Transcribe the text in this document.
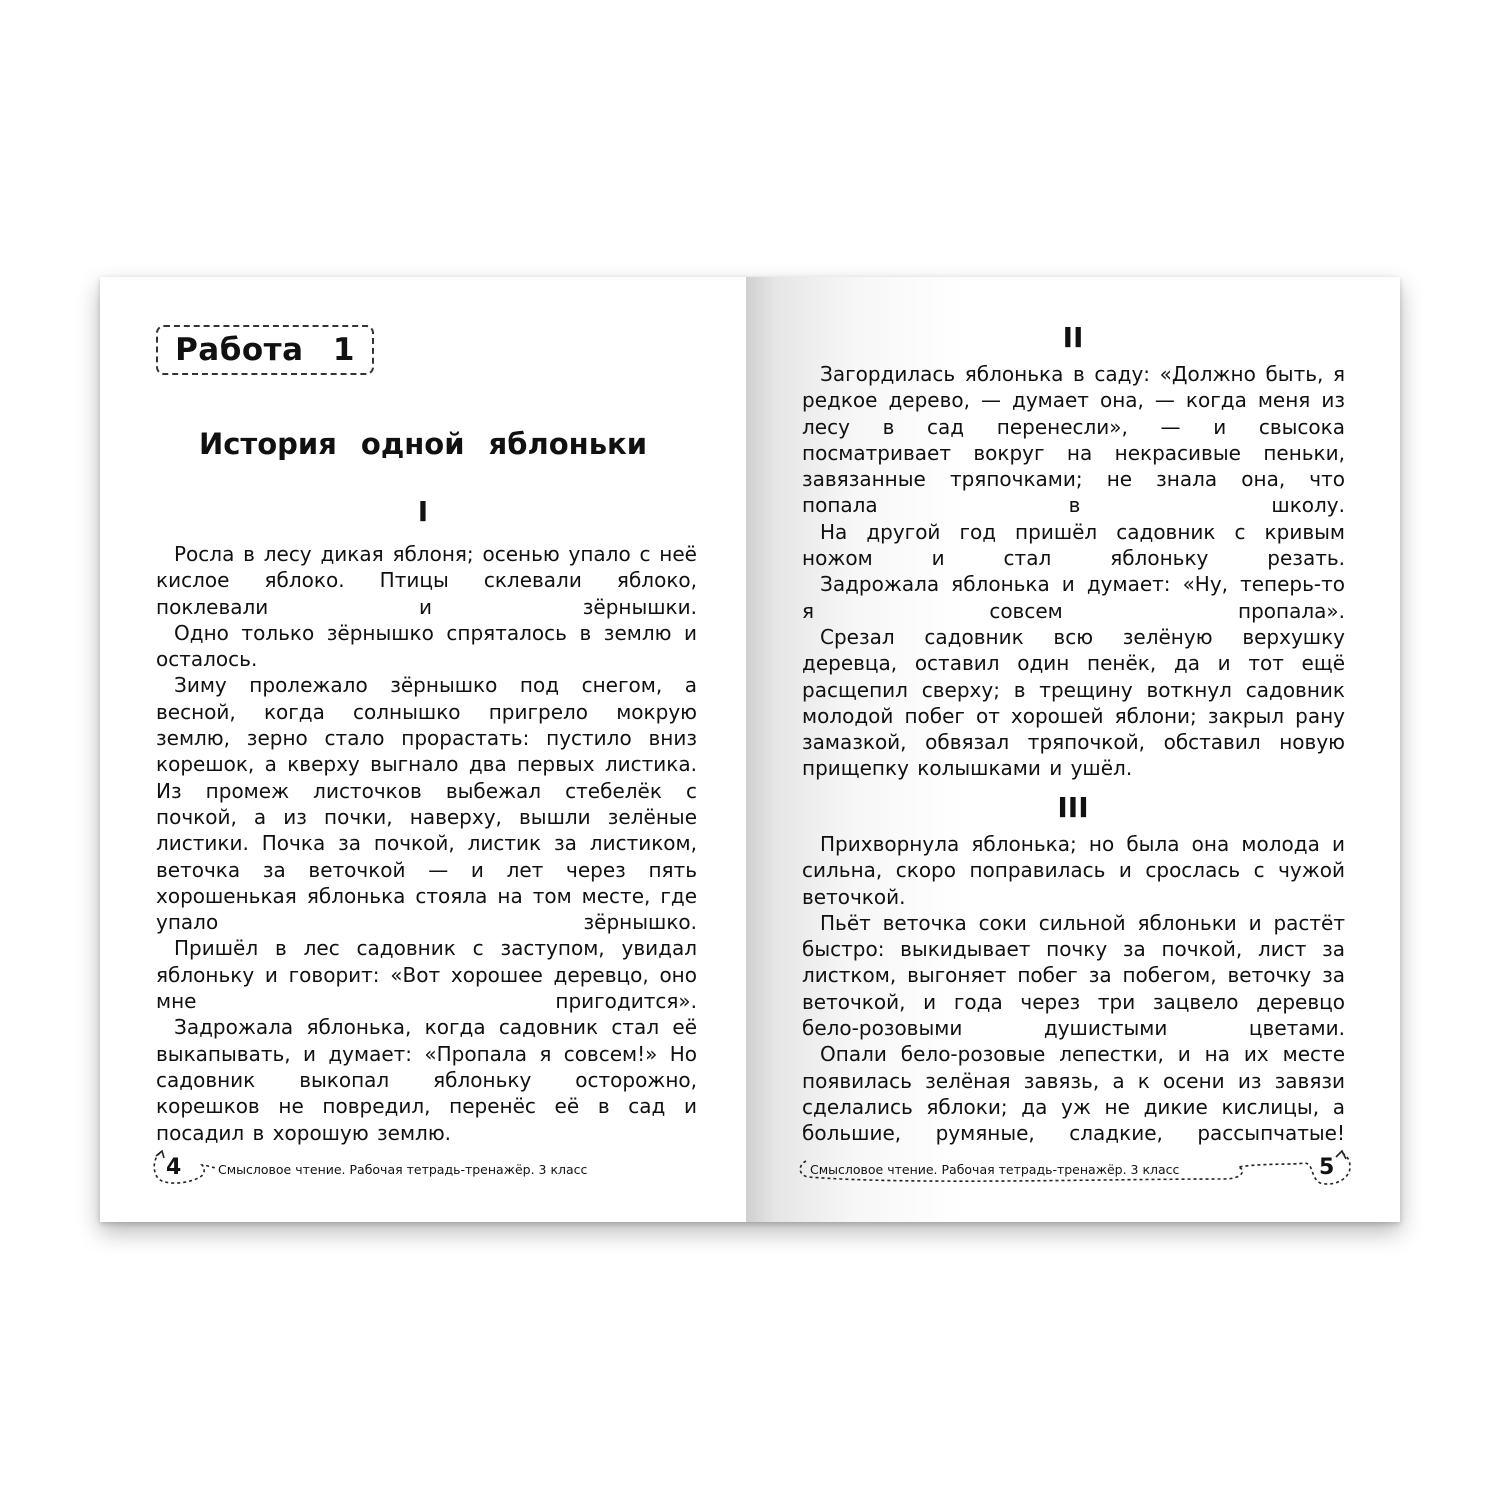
Работа 1
История одной яблоньки
I

Росла в лесу дикая яблоня; осенью упало с неё кислое яблоко. Птицы склевали яблоко, поклевали и зёрнышки.

Одно только зёрнышко спряталось в землю и осталось.

Зиму пролежало зёрнышко под снегом, а весной, когда солнышко пригрело мокрую землю, зерно стало прорастать: пустило вниз корешок, а кверху выгнало два первых листика. Из промеж листочков выбежал стебелёк с почкой, а из почки, наверху, вышли зелёные листики. Почка за почкой, листик за листиком, веточка за веточкой — и лет через пять хорошенькая яблонька стояла на том месте, где упало зёрнышко.

Пришёл в лес садовник с заступом, увидал яблоньку и говорит: «Вот хорошее деревцо, оно мне пригодится».

Задрожала яблонька, когда садовник стал её выкапывать, и думает: «Пропала я совсем!» Но садовник выкопал яблоньку осторожно, корешков не повредил, перенёс её в сад и посадил в хорошую землю.

4	Смысловое чтение. Рабочая тетрадь-тренажёр. 3 класс
II

Загордилась яблонька в саду: «Должно быть, я редкое дерево, — думает она, — когда меня из лесу в сад перенесли», — и свысока посматривает вокруг на некрасивые пеньки, завязанные тряпочками; не знала она, что попала в школу.

На другой год пришёл садовник с кривым ножом и стал яблоньку резать.

Задрожала яблонька и думает: «Ну, теперь-то я совсем пропала».

Срезал садовник всю зелёную верхушку деревца, оставил один пенёк, да и тот ещё расщепил сверху; в трещину воткнул садовник молодой побег от хорошей яблони; закрыл рану замазкой, обвязал тряпочкой, обставил новую прищепку колышками и ушёл.

III

Прихворнула яблонька; но была она молода и сильна, скоро поправилась и срослась с чужой веточкой.

Пьёт веточка соки сильной яблоньки и растёт быстро: выкидывает почку за почкой, лист за листком, выгоняет побег за побегом, веточку за веточкой, и года через три зацвело деревцо бело-розовыми душистыми цветами.

Опали бело-розовые лепестки, и на их месте появилась зелёная завязь, а к осени из завязи сделались яблоки; да уж не дикие кислицы, а большие, румяные, сладкие, рассыпчатые!

Смысловое чтение. Рабочая тетрадь-тренажёр. 3 класс	5
